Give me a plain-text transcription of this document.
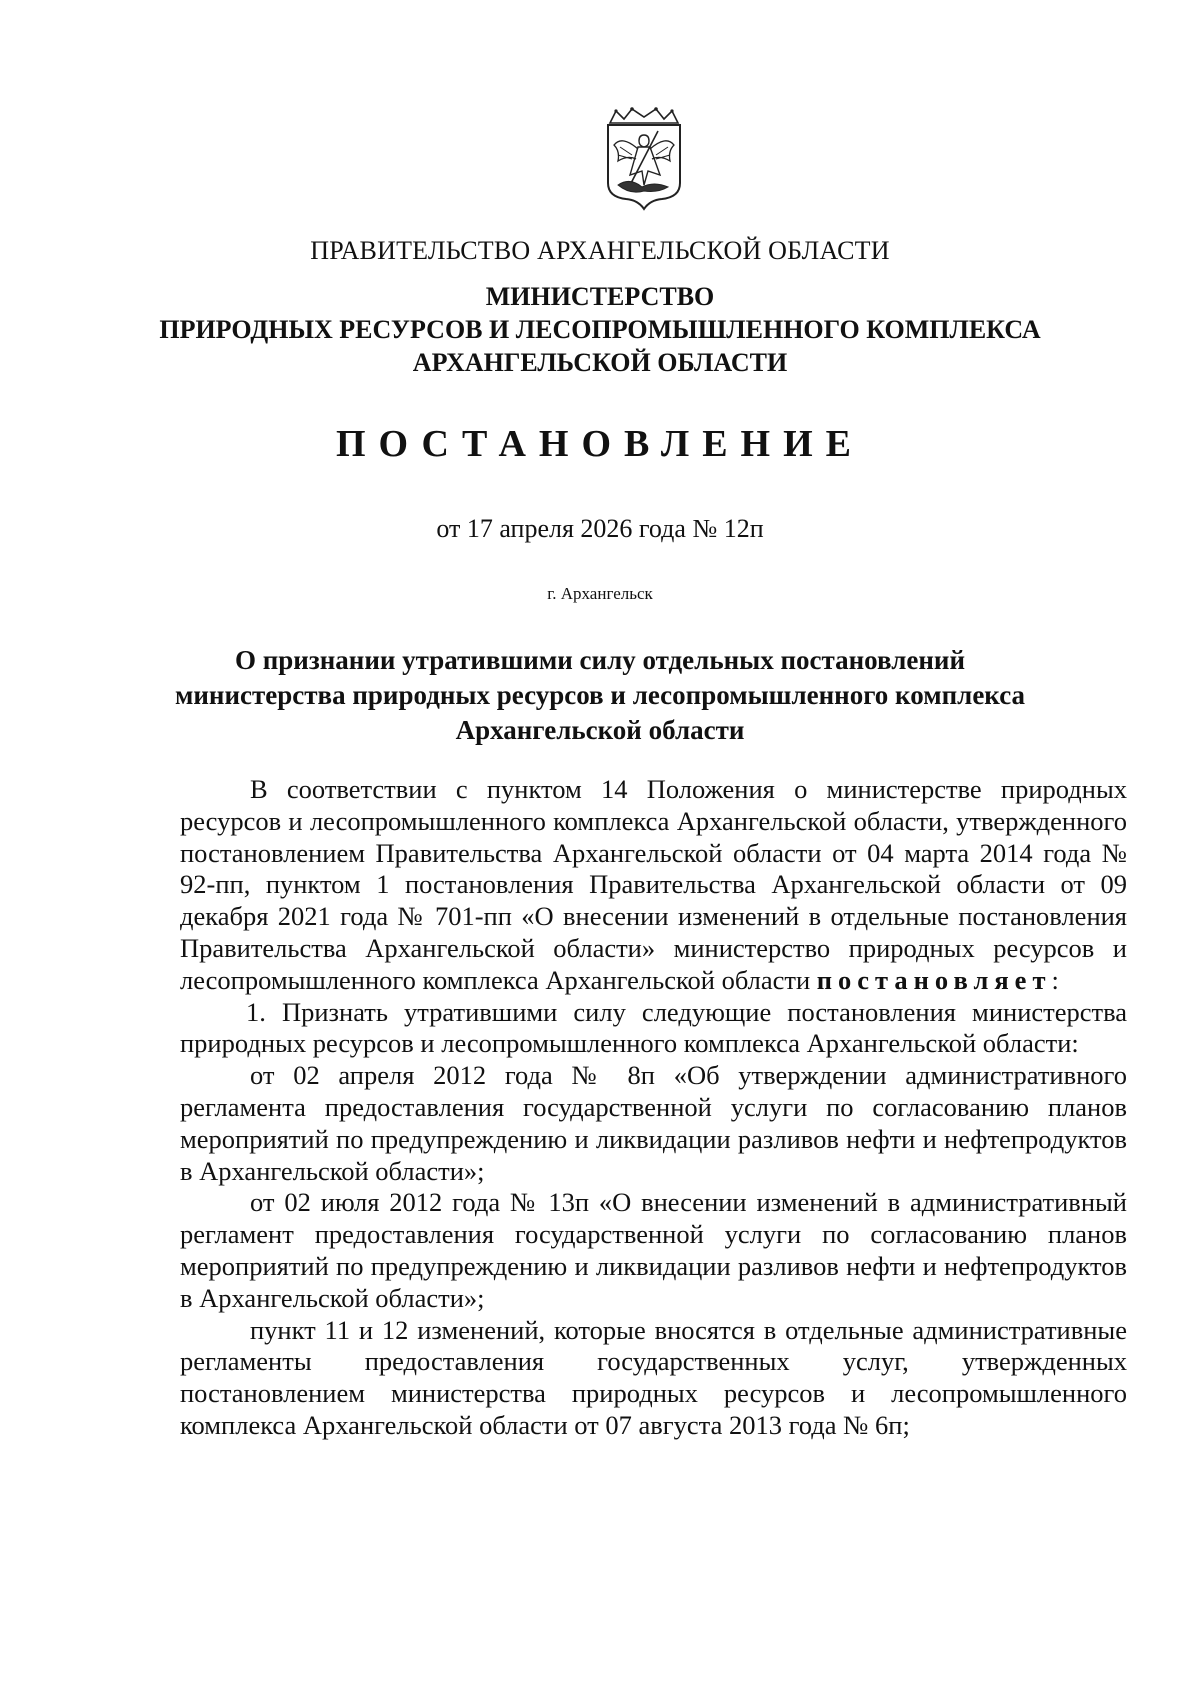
ПРАВИТЕЛЬСТВО АРХАНГЕЛЬСКОЙ ОБЛАСТИ
МИНИСТЕРСТВО
ПРИРОДНЫХ РЕСУРСОВ И ЛЕСОПРОМЫШЛЕННОГО КОМПЛЕКСА
АРХАНГЕЛЬСКОЙ ОБЛАСТИ
ПОСТАНОВЛЕНИЕ
от 17 апреля 2026 года № 12п
г. Архангельск
О признании утратившими силу отдельных постановлений
министерства природных ресурсов и лесопромышленного комплекса
Архангельской области

В соответствии с пунктом 14 Положения о министерстве природных ресурсов и лесопромышленного комплекса Архангельской области, утвержденного постановлением Правительства Архангельской области от 04 марта 2014 года № 92-пп, пунктом 1 постановления Правительства Архангельской области от 09 декабря 2021 года № 701-пп «О внесении изменений в отдельные постановления Правительства Архангельской области» министерство природных ресурсов и лесопромышленного комплекса Архангельской области постановляет:

1. Признать утратившими силу следующие постановления министерства природных ресурсов и лесопромышленного комплекса Архангельской области:

от 02 апреля 2012 года № 8п «Об утверждении административного регламента предоставления государственной услуги по согласованию планов мероприятий по предупреждению и ликвидации разливов нефти и нефтепродуктов в Архангельской области»;

от 02 июля 2012 года № 13п «О внесении изменений в административный регламент предоставления государственной услуги по согласованию планов мероприятий по предупреждению и ликвидации разливов нефти и нефтепродуктов в Архангельской области»;

пункт 11 и 12 изменений, которые вносятся в отдельные административные регламенты предоставления государственных услуг, утвержденных постановлением министерства природных ресурсов и лесопромышленного комплекса Архангельской области от 07 августа 2013 года № 6п;
